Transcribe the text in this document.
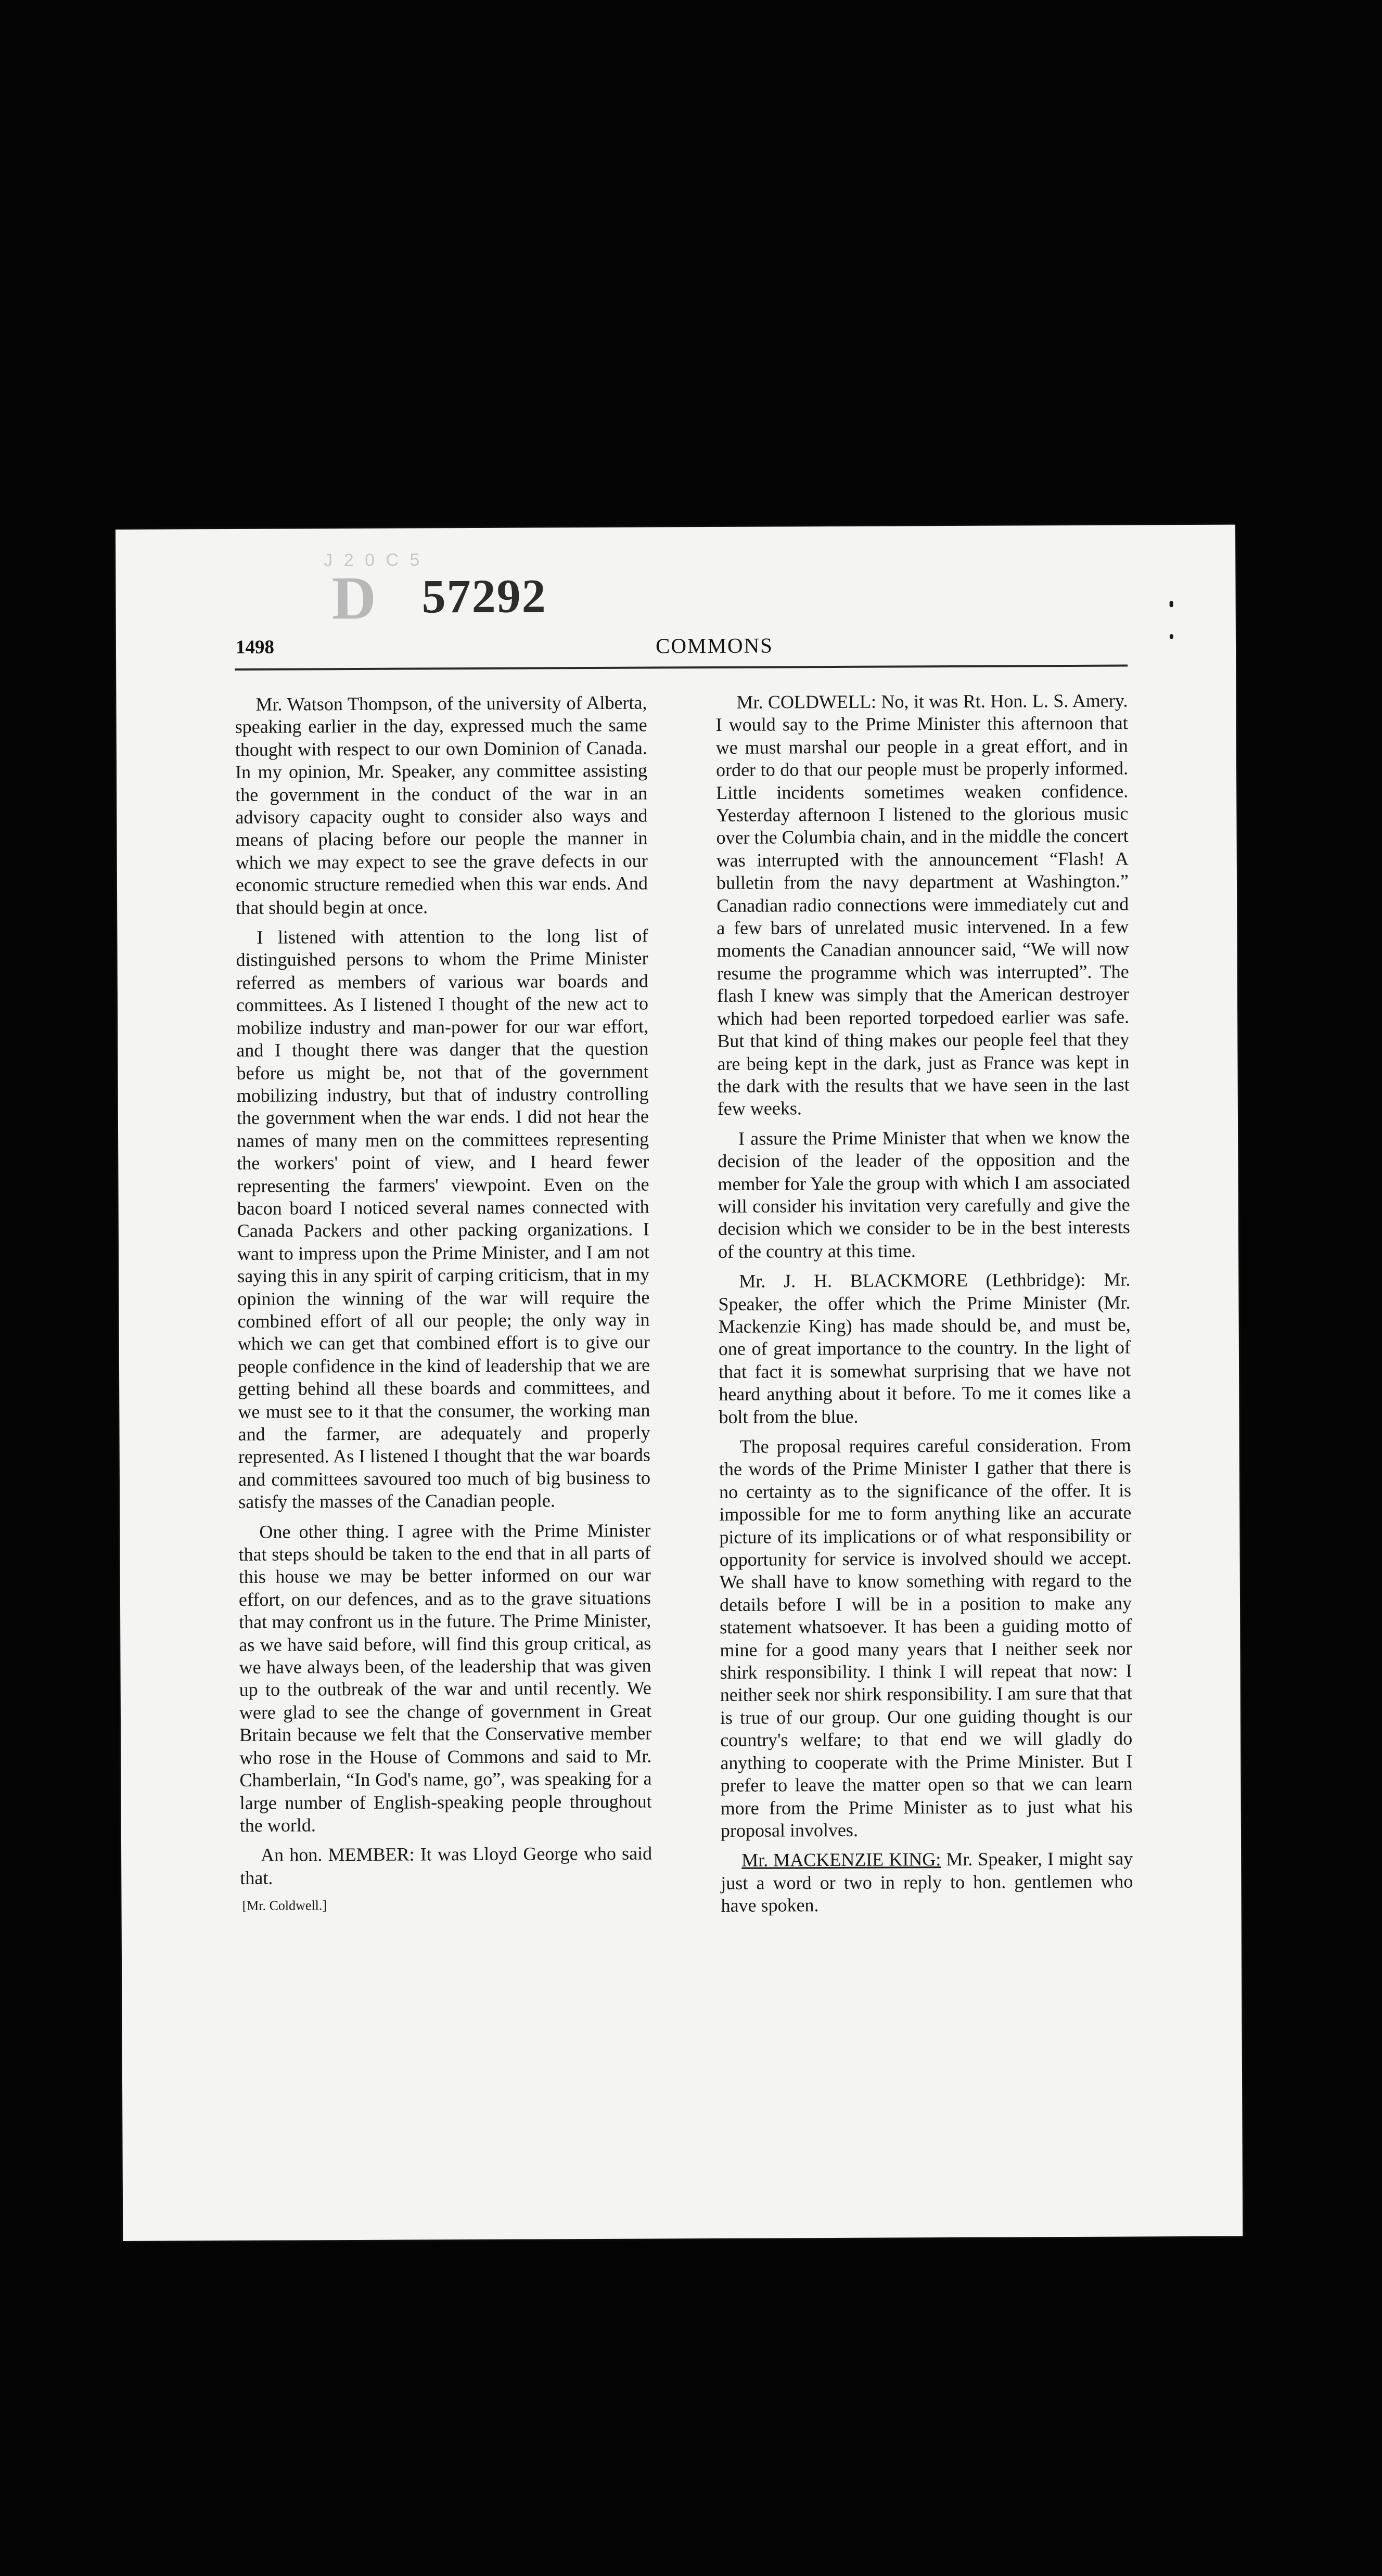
J 2 0 C 5
D 57292
1498	COMMONS

Mr. Watson Thompson, of the university of Alberta, speaking earlier in the day, expressed much the same thought with respect to our own Dominion of Canada. In my opinion, Mr. Speaker, any committee assisting the government in the conduct of the war in an advisory capacity ought to consider also ways and means of placing before our people the manner in which we may expect to see the grave defects in our economic structure remedied when this war ends. And that should begin at once.

I listened with attention to the long list of distinguished persons to whom the Prime Minister referred as members of various war boards and committees. As I listened I thought of the new act to mobilize industry and man-power for our war effort, and I thought there was danger that the question before us might be, not that of the government mobilizing industry, but that of industry controlling the government when the war ends. I did not hear the names of many men on the committees representing the workers' point of view, and I heard fewer representing the farmers' viewpoint. Even on the bacon board I noticed several names connected with Canada Packers and other packing organizations. I want to impress upon the Prime Minister, and I am not saying this in any spirit of carping criticism, that in my opinion the winning of the war will require the combined effort of all our people; the only way in which we can get that combined effort is to give our people confidence in the kind of leadership that we are getting behind all these boards and committees, and we must see to it that the consumer, the working man and the farmer, are adequately and properly represented. As I listened I thought that the war boards and committees savoured too much of big business to satisfy the masses of the Canadian people.

One other thing. I agree with the Prime Minister that steps should be taken to the end that in all parts of this house we may be better informed on our war effort, on our defences, and as to the grave situations that may confront us in the future. The Prime Minister, as we have said before, will find this group critical, as we have always been, of the leadership that was given up to the outbreak of the war and until recently. We were glad to see the change of government in Great Britain because we felt that the Conservative member who rose in the House of Commons and said to Mr. Chamberlain, “In God's name, go”, was speaking for a large number of English-speaking people throughout the world.

An hon. MEMBER: It was Lloyd George who said that.

[Mr. Coldwell.]

Mr. COLDWELL: No, it was Rt. Hon. L. S. Amery. I would say to the Prime Minister this afternoon that we must marshal our people in a great effort, and in order to do that our people must be properly informed. Little incidents sometimes weaken confidence. Yesterday afternoon I listened to the glorious music over the Columbia chain, and in the middle the concert was interrupted with the announcement “Flash! A bulletin from the navy department at Washington.” Canadian radio connections were immediately cut and a few bars of unrelated music intervened. In a few moments the Canadian announcer said, “We will now resume the programme which was interrupted”. The flash I knew was simply that the American destroyer which had been reported torpedoed earlier was safe. But that kind of thing makes our people feel that they are being kept in the dark, just as France was kept in the dark with the results that we have seen in the last few weeks.

I assure the Prime Minister that when we know the decision of the leader of the opposition and the member for Yale the group with which I am associated will consider his invitation very carefully and give the decision which we consider to be in the best interests of the country at this time.

Mr. J. H. BLACKMORE (Lethbridge): Mr. Speaker, the offer which the Prime Minister (Mr. Mackenzie King) has made should be, and must be, one of great importance to the country. In the light of that fact it is somewhat surprising that we have not heard anything about it before. To me it comes like a bolt from the blue.

The proposal requires careful consideration. From the words of the Prime Minister I gather that there is no certainty as to the significance of the offer. It is impossible for me to form anything like an accurate picture of its implications or of what responsibility or opportunity for service is involved should we accept. We shall have to know something with regard to the details before I will be in a position to make any statement whatsoever. It has been a guiding motto of mine for a good many years that I neither seek nor shirk responsibility. I think I will repeat that now: I neither seek nor shirk responsibility. I am sure that that is true of our group. Our one guiding thought is our country's welfare; to that end we will gladly do anything to cooperate with the Prime Minister. But I prefer to leave the matter open so that we can learn more from the Prime Minister as to just what his proposal involves.

Mr. MACKENZIE KING: Mr. Speaker, I might say just a word or two in reply to hon. gentlemen who have spoken.
